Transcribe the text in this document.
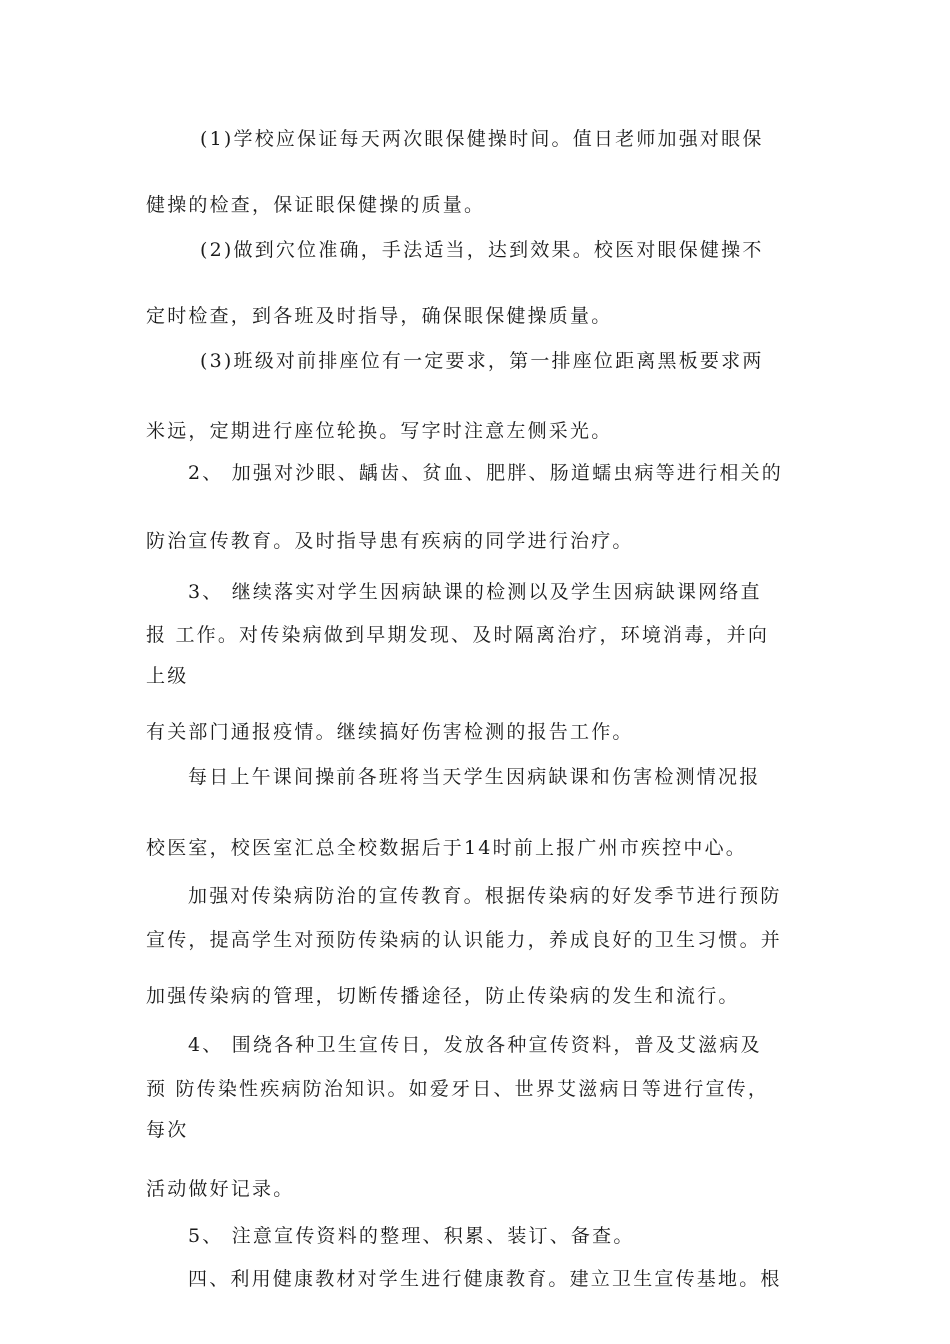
(1)学校应保证每天两次眼保健操时间。值日老师加强对眼保
健操的检查，保证眼保健操的质量。
(2)做到穴位准确，手法适当，达到效果。校医对眼保健操不
定时检查，到各班及时指导，确保眼保健操质量。
(3)班级对前排座位有一定要求，第一排座位距离黑板要求两
米远，定期进行座位轮换。写字时注意左侧采光。
2、 加强对沙眼、龋齿、贫血、肥胖、肠道蠕虫病等进行相关的
防治宣传教育。及时指导患有疾病的同学进行治疗。
3、 继续落实对学生因病缺课的检测以及学生因病缺课网络直
报 工作。对传染病做到早期发现、及时隔离治疗，环境消毒，并向
上级
有关部门通报疫情。继续搞好伤害检测的报告工作。
每日上午课间操前各班将当天学生因病缺课和伤害检测情况报
校医室，校医室汇总全校数据后于14时前上报广州市疾控中心。
加强对传染病防治的宣传教育。根据传染病的好发季节进行预防
宣传，提高学生对预防传染病的认识能力，养成良好的卫生习惯。并
加强传染病的管理，切断传播途径，防止传染病的发生和流行。
4、 围绕各种卫生宣传日，发放各种宣传资料，普及艾滋病及
预 防传染性疾病防治知识。如爱牙日、世界艾滋病日等进行宣传，
每次
活动做好记录。
5、 注意宣传资料的整理、积累、装订、备查。
四、利用健康教材对学生进行健康教育。建立卫生宣传基地。根
